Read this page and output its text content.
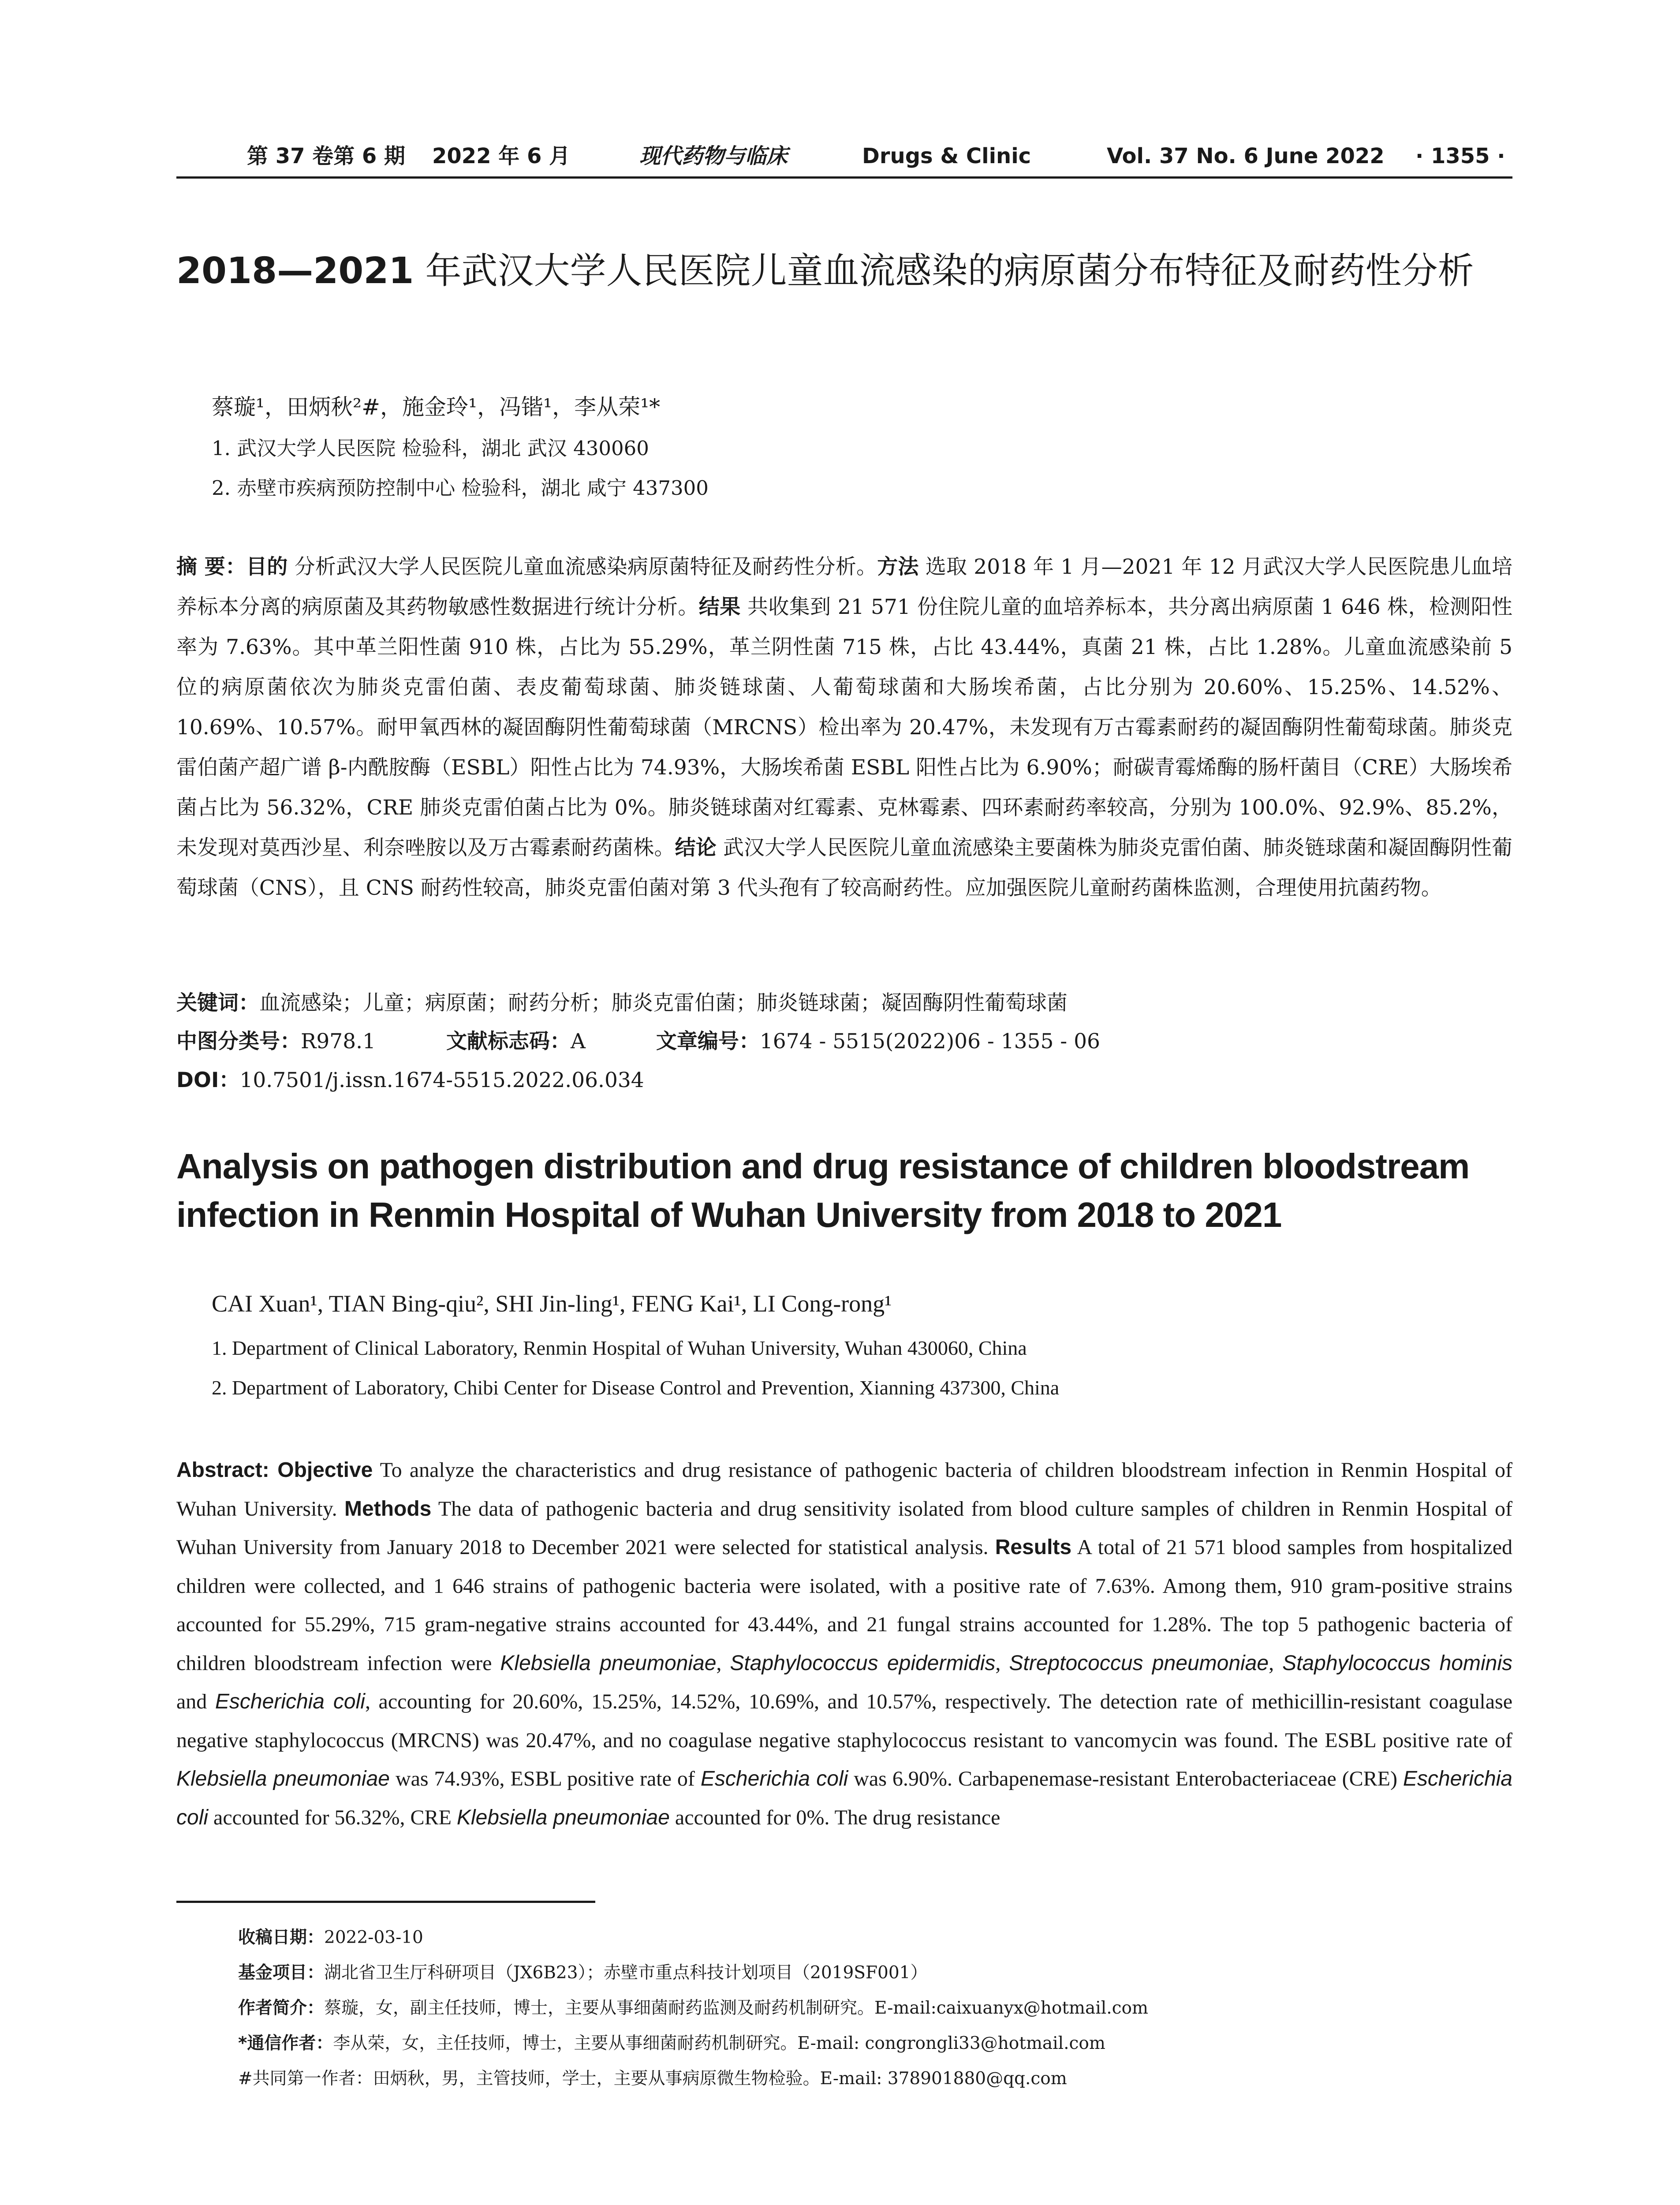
第 37 卷第 6 期 2022 年 6 月	现代药物与临床	Drugs & Clinic	Vol. 37 No. 6 June 2022 · 1355 ·
2018—2021 年武汉大学人民医院儿童血流感染的病原菌分布特征及耐药性分析
蔡璇¹，田炳秋²#，施金玲¹，冯锴¹，李从荣¹*
1. 武汉大学人民医院 检验科，湖北 武汉 430060
2. 赤壁市疾病预防控制中心 检验科，湖北 咸宁 437300

摘 要：目的 分析武汉大学人民医院儿童血流感染病原菌特征及耐药性分析。方法 选取 2018 年 1 月—2021 年 12 月武汉大学人民医院患儿血培养标本分离的病原菌及其药物敏感性数据进行统计分析。结果 共收集到 21 571 份住院儿童的血培养标本，共分离出病原菌 1 646 株，检测阳性率为 7.63%。其中革兰阳性菌 910 株，占比为 55.29%，革兰阴性菌 715 株，占比 43.44%，真菌 21 株，占比 1.28%。儿童血流感染前 5 位的病原菌依次为肺炎克雷伯菌、表皮葡萄球菌、肺炎链球菌、人葡萄球菌和大肠埃希菌，占比分别为 20.60%、15.25%、14.52%、10.69%、10.57%。耐甲氧西林的凝固酶阴性葡萄球菌（MRCNS）检出率为 20.47%，未发现有万古霉素耐药的凝固酶阴性葡萄球菌。肺炎克雷伯菌产超广谱 β-内酰胺酶（ESBL）阳性占比为 74.93%，大肠埃希菌 ESBL 阳性占比为 6.90%；耐碳青霉烯酶的肠杆菌目（CRE）大肠埃希菌占比为 56.32%，CRE 肺炎克雷伯菌占比为 0%。肺炎链球菌对红霉素、克林霉素、四环素耐药率较高，分别为 100.0%、92.9%、85.2%，未发现对莫西沙星、利奈唑胺以及万古霉素耐药菌株。结论 武汉大学人民医院儿童血流感染主要菌株为肺炎克雷伯菌、肺炎链球菌和凝固酶阴性葡萄球菌（CNS），且 CNS 耐药性较高，肺炎克雷伯菌对第 3 代头孢有了较高耐药性。应加强医院儿童耐药菌株监测，合理使用抗菌药物。

关键词：血流感染；儿童；病原菌；耐药分析；肺炎克雷伯菌；肺炎链球菌；凝固酶阴性葡萄球菌
中图分类号：R978.1	文献标志码：A	文章编号：1674 - 5515(2022)06 - 1355 - 06
DOI：10.7501/j.issn.1674-5515.2022.06.034
Analysis on pathogen distribution and drug resistance of children bloodstream infection in Renmin Hospital of Wuhan University from 2018 to 2021
CAI Xuan¹, TIAN Bing-qiu², SHI Jin-ling¹, FENG Kai¹, LI Cong-rong¹
1. Department of Clinical Laboratory, Renmin Hospital of Wuhan University, Wuhan 430060, China
2. Department of Laboratory, Chibi Center for Disease Control and Prevention, Xianning 437300, China

Abstract: Objective To analyze the characteristics and drug resistance of pathogenic bacteria of children bloodstream infection in Renmin Hospital of Wuhan University. Methods The data of pathogenic bacteria and drug sensitivity isolated from blood culture samples of children in Renmin Hospital of Wuhan University from January 2018 to December 2021 were selected for statistical analysis. Results A total of 21 571 blood samples from hospitalized children were collected, and 1 646 strains of pathogenic bacteria were isolated, with a positive rate of 7.63%. Among them, 910 gram-positive strains accounted for 55.29%, 715 gram-negative strains accounted for 43.44%, and 21 fungal strains accounted for 1.28%. The top 5 pathogenic bacteria of children bloodstream infection were Klebsiella pneumoniae, Staphylococcus epidermidis, Streptococcus pneumoniae, Staphylococcus hominis and Escherichia coli, accounting for 20.60%, 15.25%, 14.52%, 10.69%, and 10.57%, respectively. The detection rate of methicillin-resistant coagulase negative staphylococcus (MRCNS) was 20.47%, and no coagulase negative staphylococcus resistant to vancomycin was found. The ESBL positive rate of Klebsiella pneumoniae was 74.93%, ESBL positive rate of Escherichia coli was 6.90%. Carbapenemase-resistant Enterobacteriaceae (CRE) Escherichia coli accounted for 56.32%, CRE Klebsiella pneumoniae accounted for 0%. The drug resistance

收稿日期：2022-03-10
基金项目：湖北省卫生厅科研项目（JX6B23）；赤壁市重点科技计划项目（2019SF001）
作者简介：蔡璇，女，副主任技师，博士，主要从事细菌耐药监测及耐药机制研究。E-mail:caixuanyx@hotmail.com
*通信作者：李从荣，女，主任技师，博士，主要从事细菌耐药机制研究。E-mail: congrongli33@hotmail.com
#共同第一作者：田炳秋，男，主管技师，学士，主要从事病原微生物检验。E-mail: 378901880@qq.com
